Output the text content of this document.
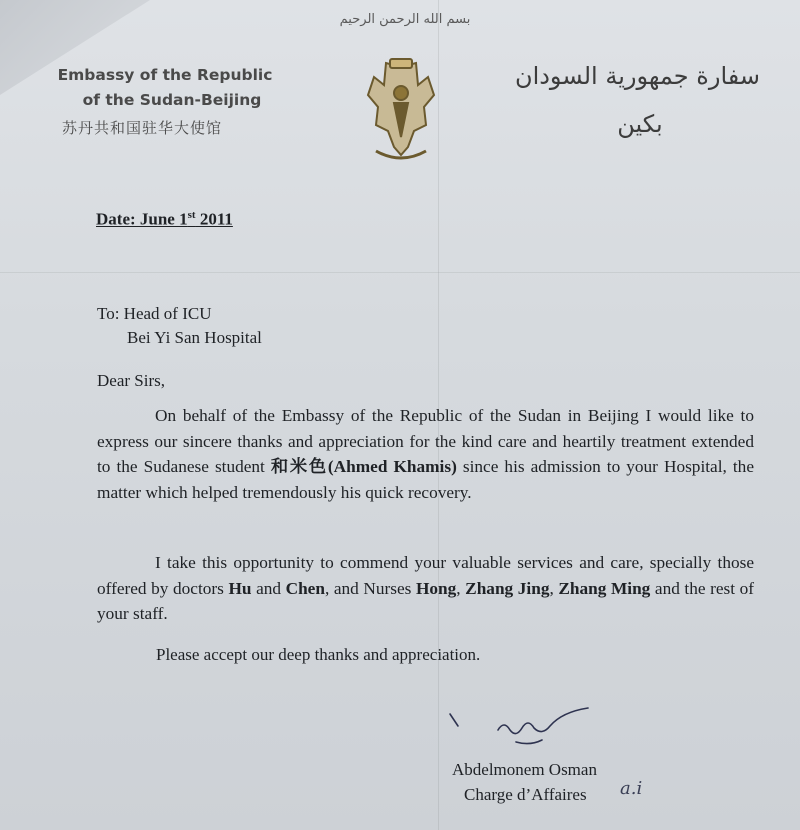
Embassy of the Republic
of the Sudan-Beijing
苏丹共和国驻华大使馆
بسم الله الرحمن الرحيم
سفارة جمهورية السودان
بكين
Date: June 1st 2011
To: Head of ICU
Bei Yi San Hospital
Dear Sirs,
On behalf of the Embassy of the Republic of the Sudan in Beijing I would like to express our sincere thanks and appreciation for the kind care and heartily treatment extended to the Sudanese student 和米色(Ahmed Khamis) since his admission to your Hospital, the matter which helped tremendously his quick recovery.
I take this opportunity to commend your valuable services and care, specially those offered by doctors Hu and Chen, and Nurses Hong, Zhang Jing, Zhang Ming and the rest of your staff.
Please accept our deep thanks and appreciation.
Abdelmonem Osman
Charge d’Affaires	a.i
